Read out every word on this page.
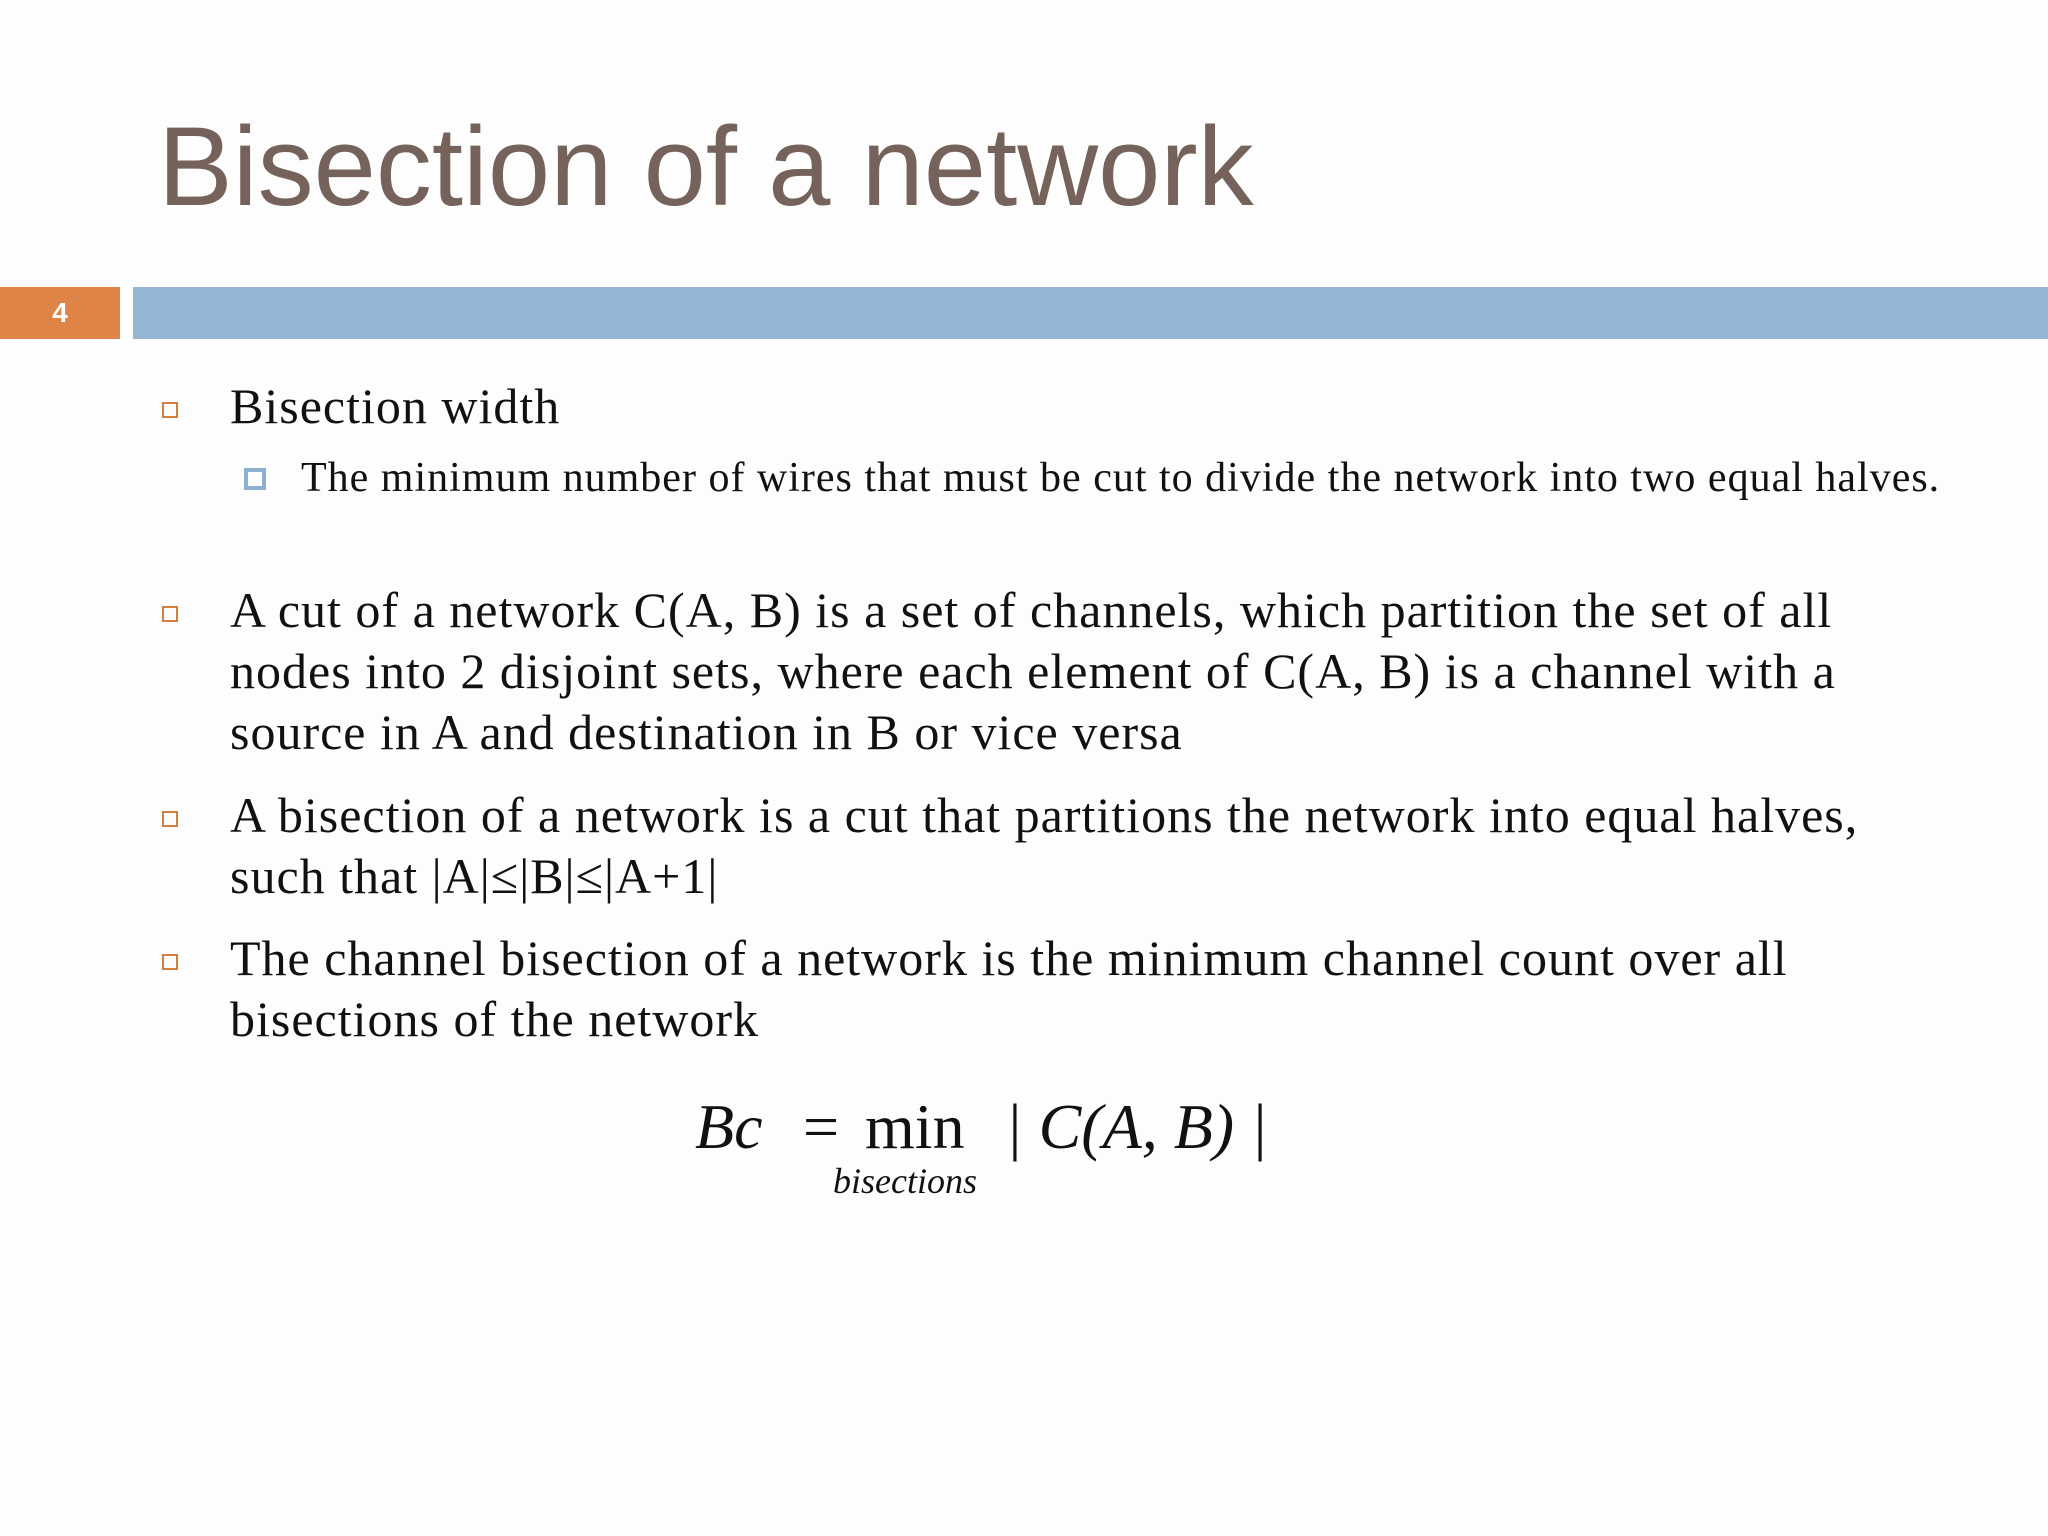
Bisection of a network
4
Bisection width
The minimum number of wires that must be cut to divide the network into two equal halves.
A cut of a network C(A, B) is a set of channels, which partition the set of all nodes into 2 disjoint sets, where each element of C(A, B) is a channel with a source in A and destination in B or vice versa
A bisection of a network is a cut that partitions the network into equal halves, such that |A|≤|B|≤|A+1|
The channel bisection of a network is the minimum channel count over all bisections of the network
Bc = min
bisections
| C(A, B) |
